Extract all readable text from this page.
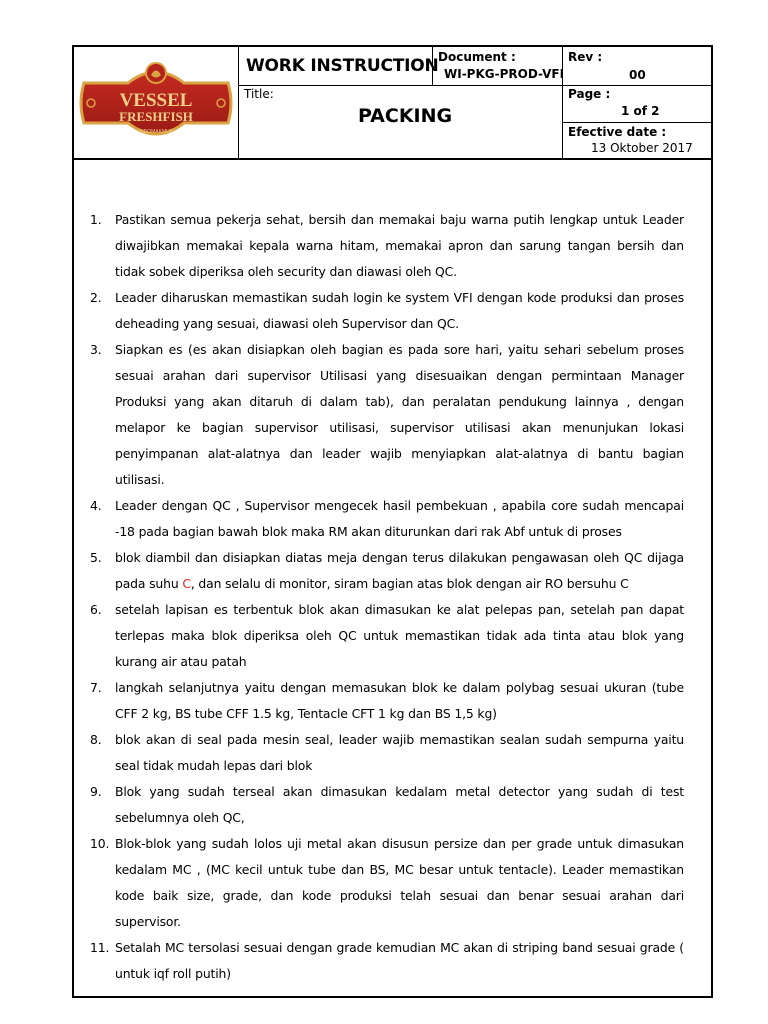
VESSEL
FRESHFISH
INDOMAKMUR
WORK INSTRUCTION
Title:
PACKING
Document :
WI-PKG-PROD-VFI
Rev :
00
Page :
1 of 2
Efective date :
13 Oktober 2017
1. Pastikan semua pekerja sehat, bersih dan memakai baju warna putih lengkap untuk Leader diwajibkan memakai kepala warna hitam, memakai apron dan sarung tangan bersih dan tidak sobek diperiksa oleh security dan diawasi oleh QC.
2. Leader diharuskan memastikan sudah login ke system VFI dengan kode produksi dan proses deheading yang sesuai, diawasi oleh Supervisor dan QC.
3. Siapkan es (es akan disiapkan oleh bagian es pada sore hari, yaitu sehari sebelum proses sesuai arahan dari supervisor Utilisasi yang disesuaikan dengan permintaan Manager Produksi yang akan ditaruh di dalam tab), dan peralatan pendukung lainnya , dengan melapor ke bagian supervisor utilisasi, supervisor utilisasi akan menunjukan lokasi penyimpanan alat-alatnya dan leader wajib menyiapkan alat-alatnya di bantu bagian utilisasi.
4. Leader dengan QC , Supervisor mengecek hasil pembekuan , apabila core sudah mencapai -18 pada bagian bawah blok maka RM akan diturunkan dari rak Abf untuk di proses
5. blok diambil dan disiapkan diatas meja dengan terus dilakukan pengawasan oleh QC dijaga pada suhu C, dan selalu di monitor, siram bagian atas blok dengan air RO bersuhu C
6. setelah lapisan es terbentuk blok akan dimasukan ke alat pelepas pan, setelah pan dapat terlepas maka blok diperiksa oleh QC untuk memastikan tidak ada tinta atau blok yang kurang air atau patah
7. langkah selanjutnya yaitu dengan memasukan blok ke dalam polybag sesuai ukuran (tube CFF 2 kg, BS tube CFF 1.5 kg, Tentacle CFT 1 kg dan BS 1,5 kg)
8. blok akan di seal pada mesin seal, leader wajib memastikan sealan sudah sempurna yaitu seal tidak mudah lepas dari blok
9. Blok yang sudah terseal akan dimasukan kedalam metal detector yang sudah di test sebelumnya oleh QC,
10. Blok-blok yang sudah lolos uji metal akan disusun persize dan per grade untuk dimasukan kedalam MC , (MC kecil untuk tube dan BS, MC besar untuk tentacle). Leader memastikan kode baik size, grade, dan kode produksi telah sesuai dan benar sesuai arahan dari supervisor.
11. Setalah MC tersolasi sesuai dengan grade kemudian MC akan di striping band sesuai grade ( untuk iqf roll putih)
